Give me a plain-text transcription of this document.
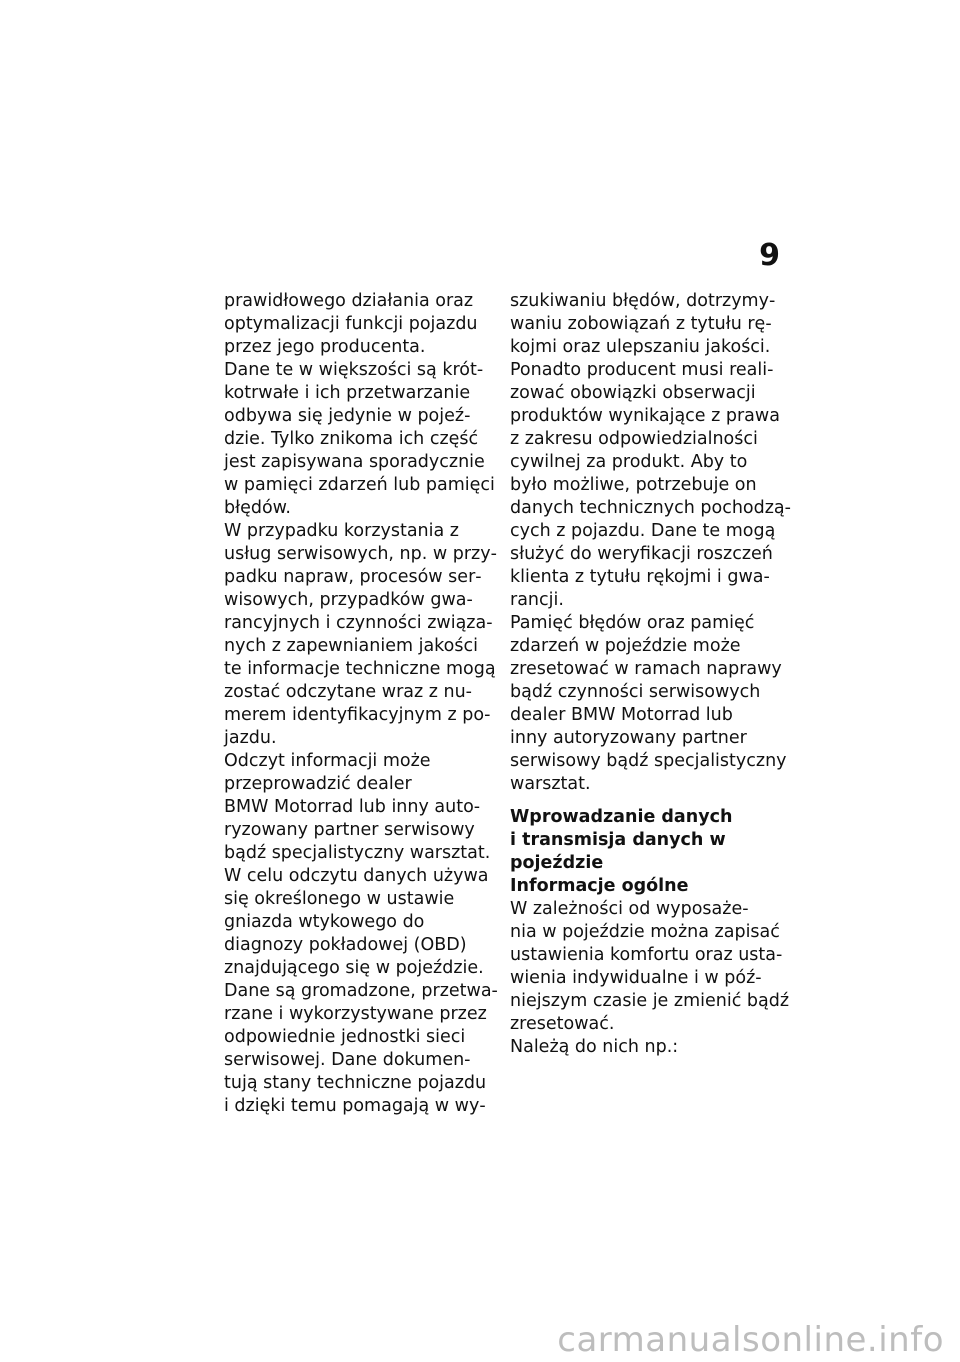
9
prawidłowego działania oraz
optymalizacji funkcji pojazdu
przez jego producenta.
Dane te w większości są krót‐
kotrwałe i ich przetwarzanie
odbywa się jedynie w pojeź‐
dzie. Tylko znikoma ich część
jest zapisywana sporadycznie
w pamięci zdarzeń lub pamięci
błędów.
W przypadku korzystania z
usług serwisowych, np. w przy‐
padku napraw, procesów ser‐
wisowych, przypadków gwa‐
rancyjnych i czynności związa‐
nych z zapewnianiem jakości
te informacje techniczne mogą
zostać odczytane wraz z nu‐
merem identyfikacyjnym z po‐
jazdu.
Odczyt informacji może
przeprowadzić dealer
BMW Motorrad lub inny auto‐
ryzowany partner serwisowy
bądź specjalistyczny warsztat.
W celu odczytu danych używa
się określonego w ustawie
gniazda wtykowego do
diagnozy pokładowej (OBD)
znajdującego się w pojeździe.
Dane są gromadzone, przetwa‐
rzane i wykorzystywane przez
odpowiednie jednostki sieci
serwisowej. Dane dokumen‐
tują stany techniczne pojazdu
i dzięki temu pomagają w wy‐
szukiwaniu błędów, dotrzymy‐
waniu zobowiązań z tytułu rę‐
kojmi oraz ulepszaniu jakości.
Ponadto producent musi reali‐
zować obowiązki obserwacji
produktów wynikające z prawa
z zakresu odpowiedzialności
cywilnej za produkt. Aby to
było możliwe, potrzebuje on
danych technicznych pochodzą‐
cych z pojazdu. Dane te mogą
służyć do weryfikacji roszczeń
klienta z tytułu rękojmi i gwa‐
rancji.
Pamięć błędów oraz pamięć
zdarzeń w pojeździe może
zresetować w ramach naprawy
bądź czynności serwisowych
dealer BMW Motorrad lub
inny autoryzowany partner
serwisowy bądź specjalistyczny
warsztat.
Wprowadzanie danych
i transmisja danych w
pojeździe
Informacje ogólne
W zależności od wyposaże‐
nia w pojeździe można zapisać
ustawienia komfortu oraz usta‐
wienia indywidualne i w póź‐
niejszym czasie je zmienić bądź
zresetować.
Należą do nich np.:
carmanualsonline.info
